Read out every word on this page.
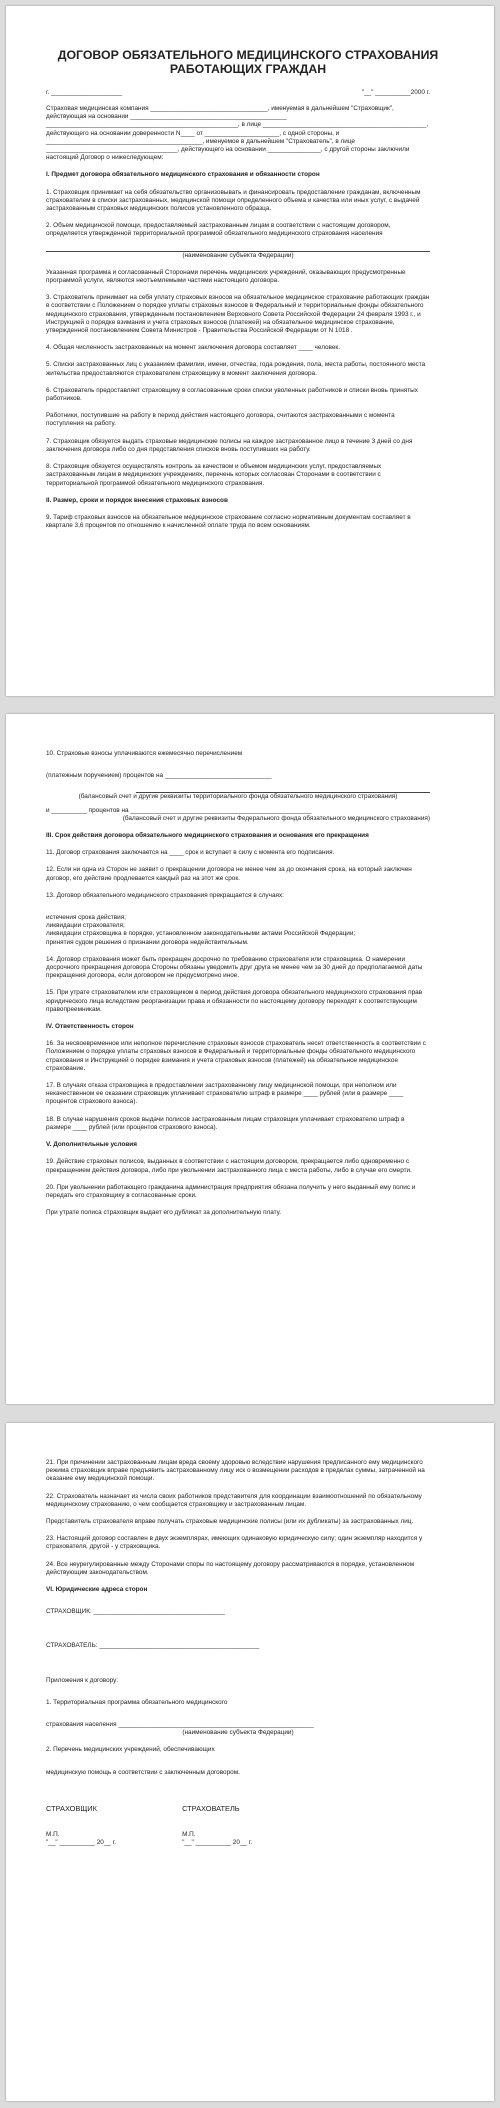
ДОГОВОР ОБЯЗАТЕЛЬНОГО МЕДИЦИНСКОГО СТРАХОВАНИЯ РАБОТАЮЩИХ ГРАЖДАН

г. ____________________	"__" __________2000 г.

Страховая медицинская компания _________________________________, именуемая в дальнейшем "Страховщик", действующая на основании ____________________________________________ ______________________________________________________, в лице ______________________________________________, действующего на основании доверенности N____ от _____________________, с одной стороны, и ____________________________________________, именуемое в дальнейшем "Страхователь", в лице _____________________________________, действующего на основании _______________, с другой стороны заключили настоящий Договор о нижеследующем:

I. Предмет договора обязательного медицинского страхования и обязанности сторон

1. Страховщик принимает на себя обязательство организовывать и финансировать предоставление гражданам, включенным страхователем в списки застрахованных, медицинской помощи определенного объема и качества или иных услуг, с выдачей застрахованным страховых медицинских полисов установленного образца.

2. Объем медицинской помощи, предоставляемый застрахованным лицам в соответствии с настоящим договором, определяется утвержденной территориальной программой обязательного медицинского страхования населения

(наименование субъекта Федерации)

Указанная программа и согласованный Сторонами перечень медицинских учреждений, оказывающих предусмотренные программой услуги, являются неотъемлемыми частями настоящего договора.

3. Страхователь принимает на себя уплату страховых взносов на обязательное медицинское страхование работающих граждан в соответствии с Положением о порядке уплаты страховых взносов в Федеральный и территориальные фонды обязательного медицинского страхования, утвержденным постановлением Верховного Совета Российской Федерации 24 февраля 1993 г., и Инструкцией о порядке взимания и учета страховых взносов (платежей) на обязательное медицинское страхование, утвержденной постановлением Совета Министров - Правительства Российской Федерации от N 1018 .

4. Общая численность застрахованных на момент заключения договора составляет ____ человек.

5. Списки застрахованных лиц с указанием фамилии, имени, отчества, года рождения, пола, места работы, постоянного места жительства предоставляются страхователем страховщику в момент заключения договора.

6. Страхователь предоставляет страховщику в согласованные сроки списки уволенных работников и списки вновь принятых работников.

Работники, поступившие на работу в период действия настоящего договора, считаются застрахованными с момента поступления на работу.

7. Страховщик обязуется выдать страховые медицинские полисы на каждое застрахованное лицо в течение 3 дней со дня заключения договора либо со дня представления списков вновь поступивших на работу.

8. Страховщик обязуется осуществлять контроль за качеством и объемом медицинских услуг, предоставляемых застрахованным лицам в медицинских учреждениях, перечень которых согласован Сторонами в соответствии с территориальной программой обязательного медицинского страхования.

II. Размер, сроки и порядок внесения страховых взносов

9. Тариф страховых взносов на обязательное медицинское страхование согласно нормативным документам составляет в квартале 3,6 процентов по отношению к начисленной оплате труда по всем основаниям.

10. Страховые взносы уплачиваются ежемесячно перечислением

(платежным поручением) процентов на ______________________________

(балансовый счет и другие реквизиты территориального фонда обязательного медицинского страхования)

и __________ процентов на ___________________________________________________

(балансовый счет и другие реквизиты Федерального фонда обязательного медицинского страхования)

III. Срок действия договора обязательного медицинского страхования и основания его прекращения

11. Договор страхования заключается на ____ срок и вступает в силу с момента его подписания.

12. Если ни одна из Сторон не заявит о прекращении договора не менее чем за до окончания срока, на который заключен договор, его действие продлевается каждый раз на этот же срок.

13. Договор обязательного медицинского страхования прекращается в случаях:

истечения срока действия;

ликвидации страхователя;

ликвидации страховщика в порядке, установленном законодательными актами Российской Федерации;

принятия судом решения о признании договора недействительным.

14. Договор страхования может быть прекращен досрочно по требованию страхователя или страховщика. О намерении досрочного прекращения договора Стороны обязаны уведомить друг друга не менее чем за 30 дней до предполагаемой даты прекращения договора, если договором не предусмотрено иное.

15. При утрате страхователем или страховщиком в период действия договора обязательного медицинского страхования прав юридического лица вследствие реорганизации права и обязанности по настоящему договору переходят к соответствующим правопреемникам.

IV. Ответственность сторон

16. За несвоевременное или неполное перечисление страховых взносов страхователь несет ответственность в соответствии с Положением о порядке уплаты страховых взносов в Федеральный и территориальные фонды обязательного медицинского страхования и Инструкцией о порядке взимания и учета страховых взносов (платежей) на обязательное медицинское страхование.

17. В случаях отказа страховщика в предоставлении застрахованному лицу медицинской помощи, при неполном или некачественном ее оказании страховщик уплачивает страхователю штраф в размере ____ рублей (или в размере ____ процентов страхового взноса).

18. В случае нарушения сроков выдачи полисов застрахованным лицам страховщик уплачивает страхователю штраф в размере ____ рублей (или процентов страхового взноса).

V. Дополнительные условия

19. Действие страховых полисов, выданных в соответствии с настоящим договором, прекращается либо одновременно с прекращением действия договора, либо при увольнении застрахованного лица с места работы, либо в случае его смерти.

20. При увольнении работающего гражданина администрация предприятия обязана получить у него выданный ему полис и передать его страховщику в согласованные сроки.

При утрате полиса страховщик выдает его дубликат за дополнительную плату.

21. При причинении застрахованным лицам вреда своему здоровью вследствие нарушения предписанного ему медицинского режима страховщик вправе предъявить застрахованному лицу иск о возмещении расходов в пределах суммы, затраченной на оказание ему медицинской помощи.

22. Страхователь назначает из числа своих работников представителя для координации взаимоотношений по обязательному медицинскому страхованию, о чем сообщается страховщику и застрахованным лицам.

Представитель страхователя вправе получать страховые медицинские полисы (или их дубликаты) за застрахованных лиц.

23. Настоящий договор составлен в двух экземплярах, имеющих одинаковую юридическую силу; один экземпляр находится у страхователя, другой - у страховщика.

24. Все неурегулированные между Сторонами споры по настоящему договору рассматриваются в порядке, установленном действующим законодательством.

VI. Юридические адреса сторон

СТРАХОВЩИК: _____________________________________

СТРАХОВАТЕЛЬ: _____________________________________________

Приложения к договору:

1. Территориальная программа обязательного медицинского

страхования населения _______________________________________________________

(наименование субъекта Федерации)

2. Перечень медицинских учреждений, обеспечивающих

медицинскую помощь в соответствии с заключенным договором.

СТРАХОВЩИК

М.П.

"__" __________ 20__ г.

СТРАХОВАТЕЛЬ

М.П.

"__" __________ 20__ г.
